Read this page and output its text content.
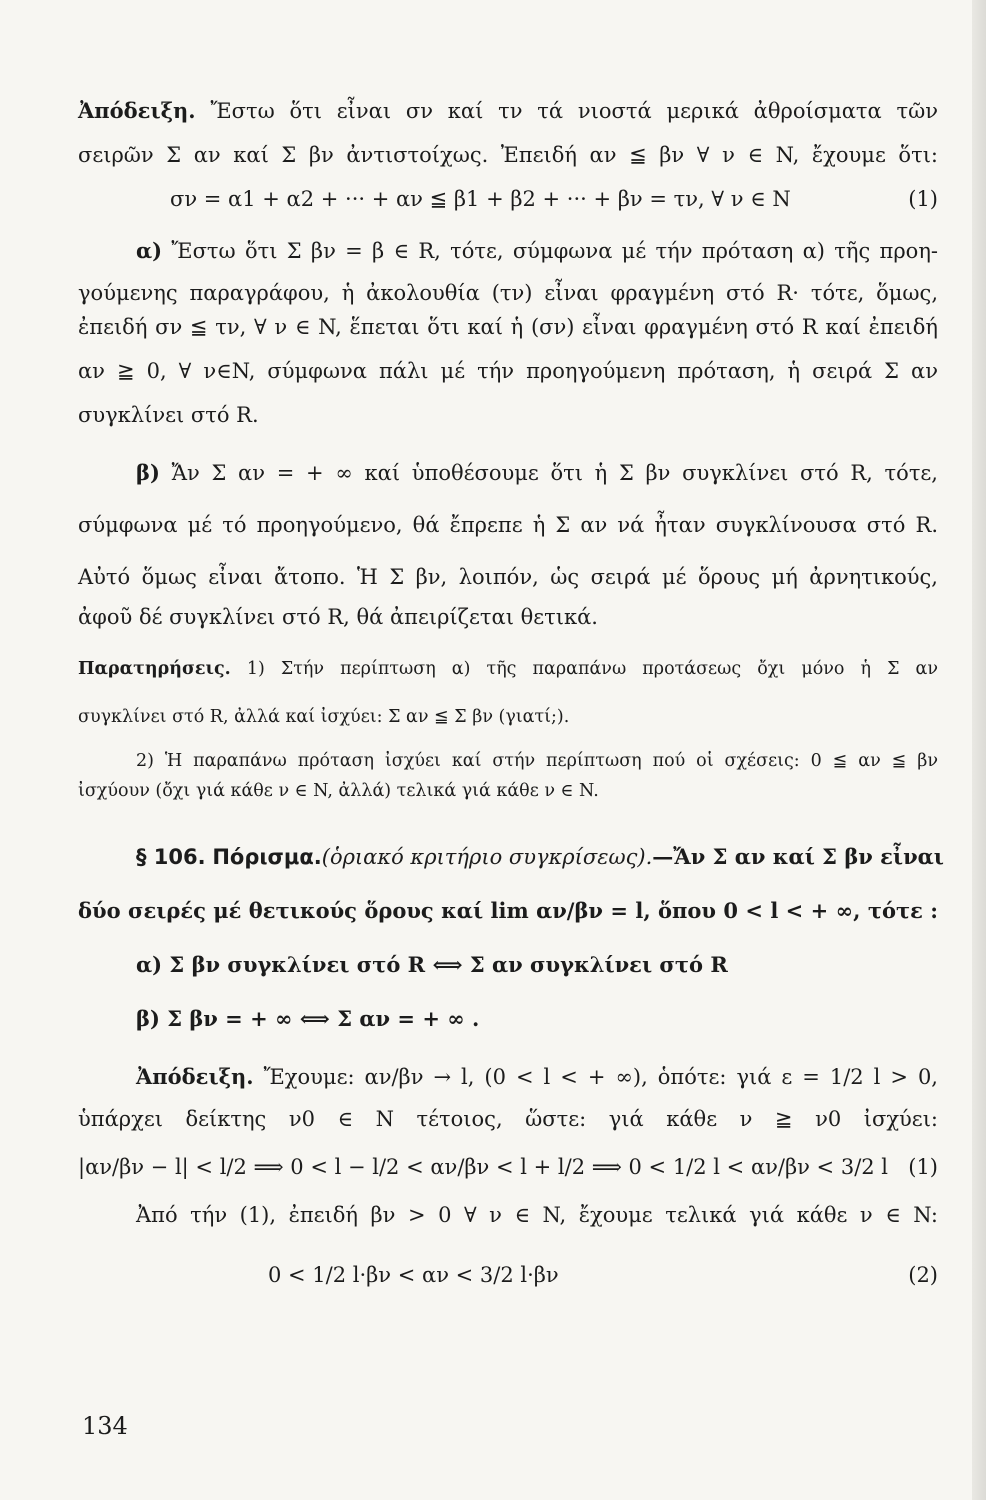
Ἀπόδειξη. Ἔστω ὅτι εἶναι σν καί τν τά νιοστά μερικά ἀθροίσματα τῶν

σειρῶν Σ αν καί Σ βν ἀντιστοίχως. Ἐπειδή αν ≦ βν ∀ ν ∈ N, ἔχουμε ὅτι:

σν = α1 + α2 + ··· + αν ≦ β1 + β2 + ··· + βν = τν, ∀ ν ∈ N	(1)

α) Ἔστω ὅτι Σ βν = β ∈ R, τότε, σύμφωνα μέ τήν πρόταση α) τῆς προη-

γούμενης παραγράφου, ἡ ἀκολουθία (τν) εἶναι φραγμένη στό R· τότε, ὅμως,

ἐπειδή σν ≦ τν, ∀ ν ∈ N, ἕπεται ὅτι καί ἡ (σν) εἶναι φραγμένη στό R καί ἐπειδή

αν ≧ 0, ∀ ν∈N, σύμφωνα πάλι μέ τήν προηγούμενη πρόταση, ἡ σειρά Σ αν

συγκλίνει στό R.

β) Ἄν Σ αν = + ∞ καί ὑποθέσουμε ὅτι ἡ Σ βν συγκλίνει στό R, τότε,

σύμφωνα μέ τό προηγούμενο, θά ἔπρεπε ἡ Σ αν νά ἦταν συγκλίνουσα στό R.

Αὐτό ὅμως εἶναι ἄτοπο. Ἡ Σ βν, λοιπόν, ὡς σειρά μέ ὅρους μή ἀρνητικούς,

ἀφοῦ δέ συγκλίνει στό R, θά ἀπειρίζεται θετικά.

Παρατηρήσεις. 1) Στήν περίπτωση α) τῆς παραπάνω προτάσεως ὄχι μόνο ἡ Σ αν

συγκλίνει στό R, ἀλλά καί ἰσχύει: Σ αν ≦ Σ βν (γιατί;).

2) Ἡ παραπάνω πρόταση ἰσχύει καί στήν περίπτωση πού οἱ σχέσεις: 0 ≦ αν ≦ βν

ἰσχύουν (ὄχι γιά κάθε ν ∈ N, ἀλλά) τελικά γιά κάθε ν ∈ N.

§ 106. Πόρισμα.(ὁριακό κριτήριο συγκρίσεως).—Ἄν Σ αν καί Σ βν εἶναι

δύο σειρές μέ θετικούς ὅρους καί lim αν/βν = l, ὅπου 0 < l < + ∞, τότε :

α) Σ βν συγκλίνει στό R ⟺ Σ αν συγκλίνει στό R

β) Σ βν = + ∞ ⟺ Σ αν = + ∞ .

Ἀπόδειξη. Ἔχουμε: αν/βν → l, (0 < l < + ∞), ὁπότε: γιά ε = 1/2 l > 0,

ὑπάρχει δείκτης ν0 ∈ N τέτοιος, ὥστε: γιά κάθε ν ≧ ν0 ἰσχύει:

|αν/βν − l| < l/2 ⟹ 0 < l − l/2 < αν/βν < l + l/2 ⟹ 0 < 1/2 l < αν/βν < 3/2 l (1)

Ἀπό τήν (1), ἐπειδή βν > 0 ∀ ν ∈ N, ἔχουμε τελικά γιά κάθε ν ∈ N:

0 < 1/2 l·βν < αν < 3/2 l·βν	(2)

134
